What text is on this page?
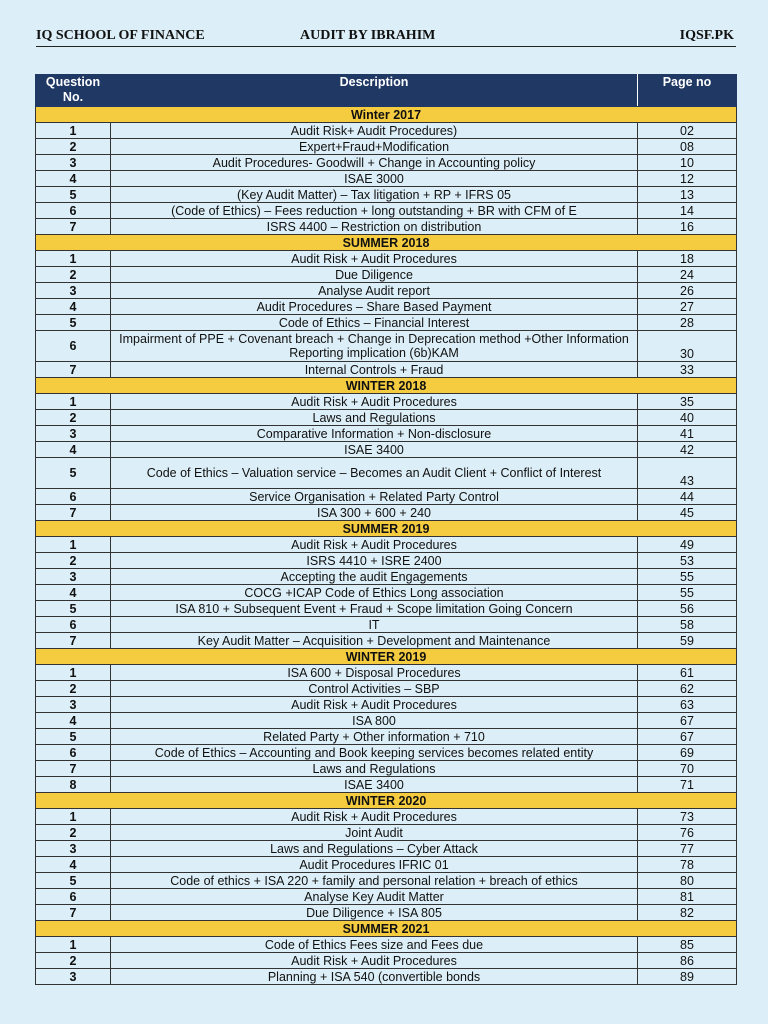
IQ SCHOOL OF FINANCE	AUDIT BY IBRAHIM	IQSF.PK
Question No.	Description	Page no
Winter 2017		
1	Audit Risk+ Audit Procedures)	02
2	Expert+Fraud+Modification	08
3	Audit Procedures- Goodwill + Change in Accounting policy	10
4	ISAE 3000	12
5	(Key Audit Matter) – Tax litigation + RP + IFRS 05	13
6	(Code of Ethics) – Fees reduction + long outstanding + BR with CFM of E	14
7	ISRS 4400 – Restriction on distribution	16
SUMMER 2018		
1	Audit Risk + Audit Procedures	18
2	Due Diligence	24
3	Analyse Audit report	26
4	Audit Procedures – Share Based Payment	27
5	Code of Ethics – Financial Interest	28
6	Impairment of PPE + Covenant breach + Change in Deprecation method +Other Information Reporting implication (6b)KAM	30
7	Internal Controls + Fraud	33
WINTER 2018		
1	Audit Risk + Audit Procedures	35
2	Laws and Regulations	40
3	Comparative Information + Non-disclosure	41
4	ISAE 3400	42
5	Code of Ethics – Valuation service – Becomes an Audit Client + Conflict of Interest	43
6	Service Organisation + Related Party Control	44
7	ISA 300 + 600 + 240	45
SUMMER 2019		
1	Audit Risk + Audit Procedures	49
2	ISRS 4410 + ISRE 2400	53
3	Accepting the audit Engagements	55
4	COCG +ICAP Code of Ethics Long association	55
5	ISA 810 + Subsequent Event + Fraud + Scope limitation Going Concern	56
6	IT	58
7	Key Audit Matter – Acquisition + Development and Maintenance	59
WINTER 2019		
1	ISA 600 + Disposal Procedures	61
2	Control Activities – SBP	62
3	Audit Risk + Audit Procedures	63
4	ISA 800	67
5	Related Party + Other information + 710	67
6	Code of Ethics – Accounting and Book keeping services becomes related entity	69
7	Laws and Regulations	70
8	ISAE 3400	71
WINTER 2020		
1	Audit Risk + Audit Procedures	73
2	Joint Audit	76
3	Laws and Regulations – Cyber Attack	77
4	Audit Procedures IFRIC 01	78
5	Code of ethics + ISA 220 + family and personal relation + breach of ethics	80
6	Analyse Key Audit Matter	81
7	Due Diligence + ISA 805	82
SUMMER 2021		
1	Code of Ethics Fees size and Fees due	85
2	Audit Risk + Audit Procedures	86
3	Planning + ISA 540 (convertible bonds	89
